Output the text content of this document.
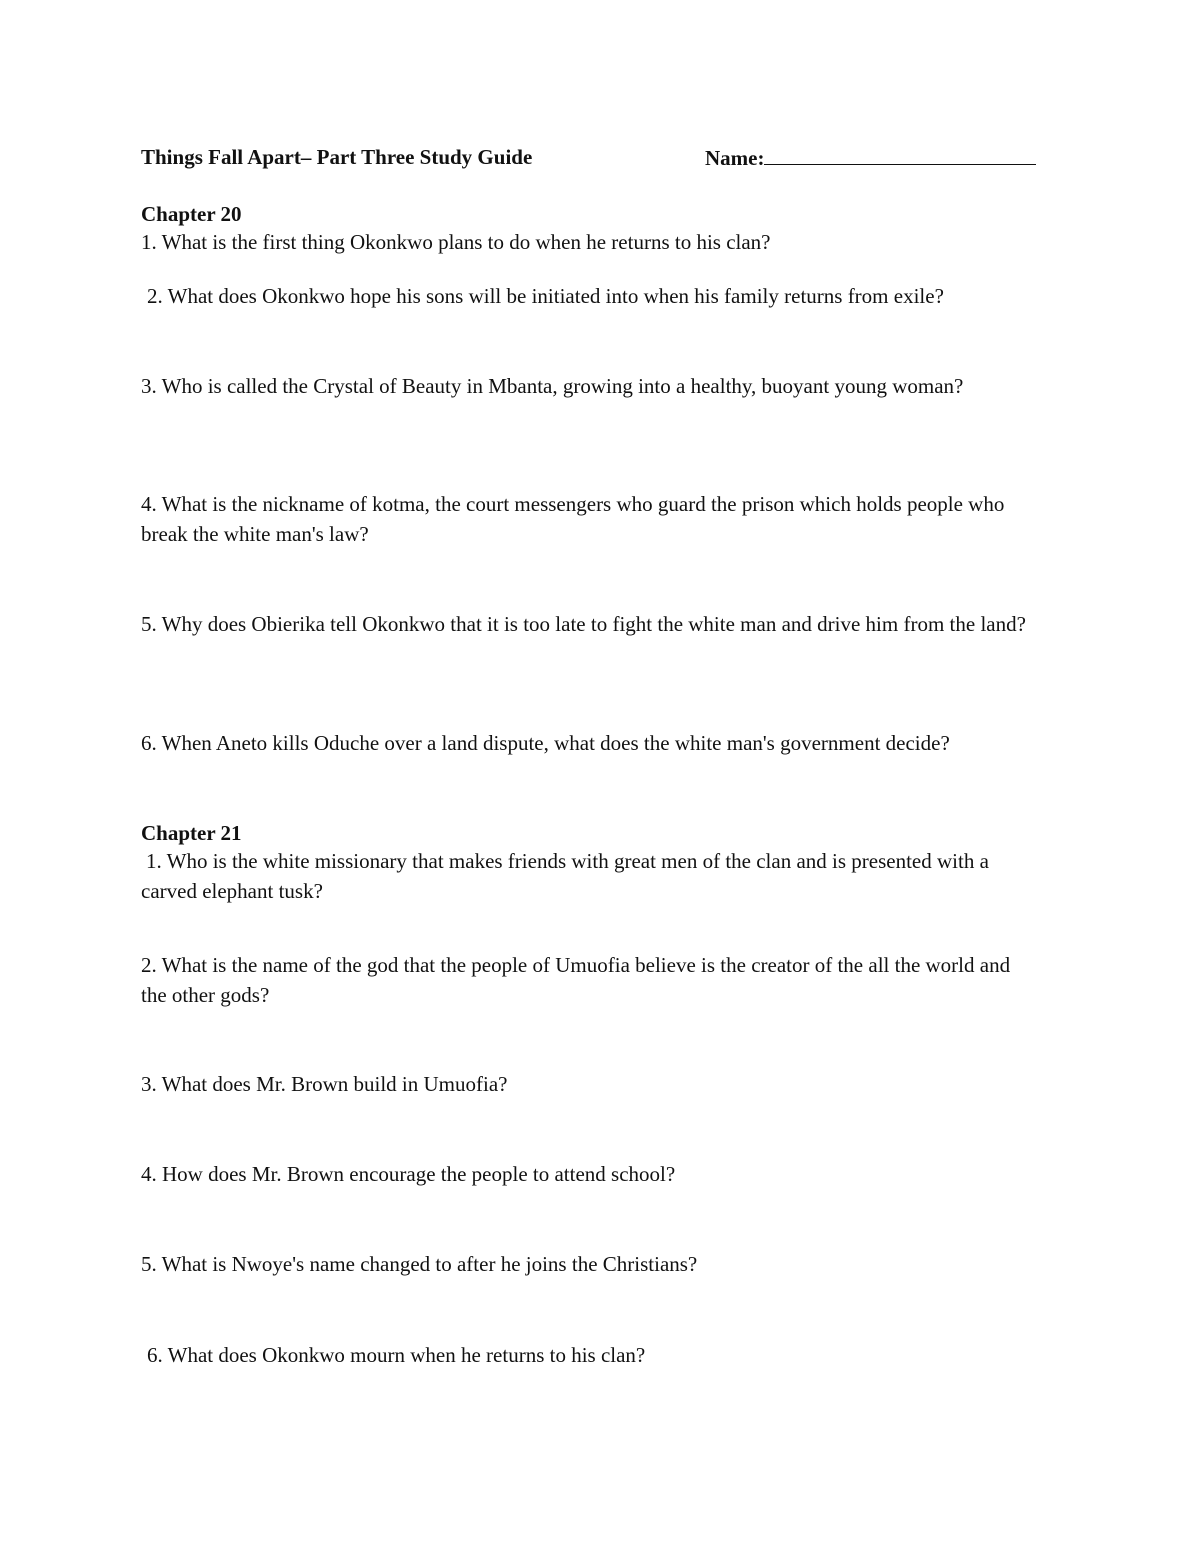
Things Fall Apart– Part Three Study Guide	Name:
Chapter 20
1. What is the first thing Okonkwo plans to do when he returns to his clan?
2. What does Okonkwo hope his sons will be initiated into when his family returns from exile?
3. Who is called the Crystal of Beauty in Mbanta, growing into a healthy, buoyant young woman?
4. What is the nickname of kotma, the court messengers who guard the prison which holds people who break the white man's law?
5. Why does Obierika tell Okonkwo that it is too late to fight the white man and drive him from the land?
6. When Aneto kills Oduche over a land dispute, what does the white man's government decide?
Chapter 21
1. Who is the white missionary that makes friends with great men of the clan and is presented with a carved elephant tusk?
2. What is the name of the god that the people of Umuofia believe is the creator of the all the world and the other gods?
3. What does Mr. Brown build in Umuofia?
4. How does Mr. Brown encourage the people to attend school?
5. What is Nwoye's name changed to after he joins the Christians?
6. What does Okonkwo mourn when he returns to his clan?
